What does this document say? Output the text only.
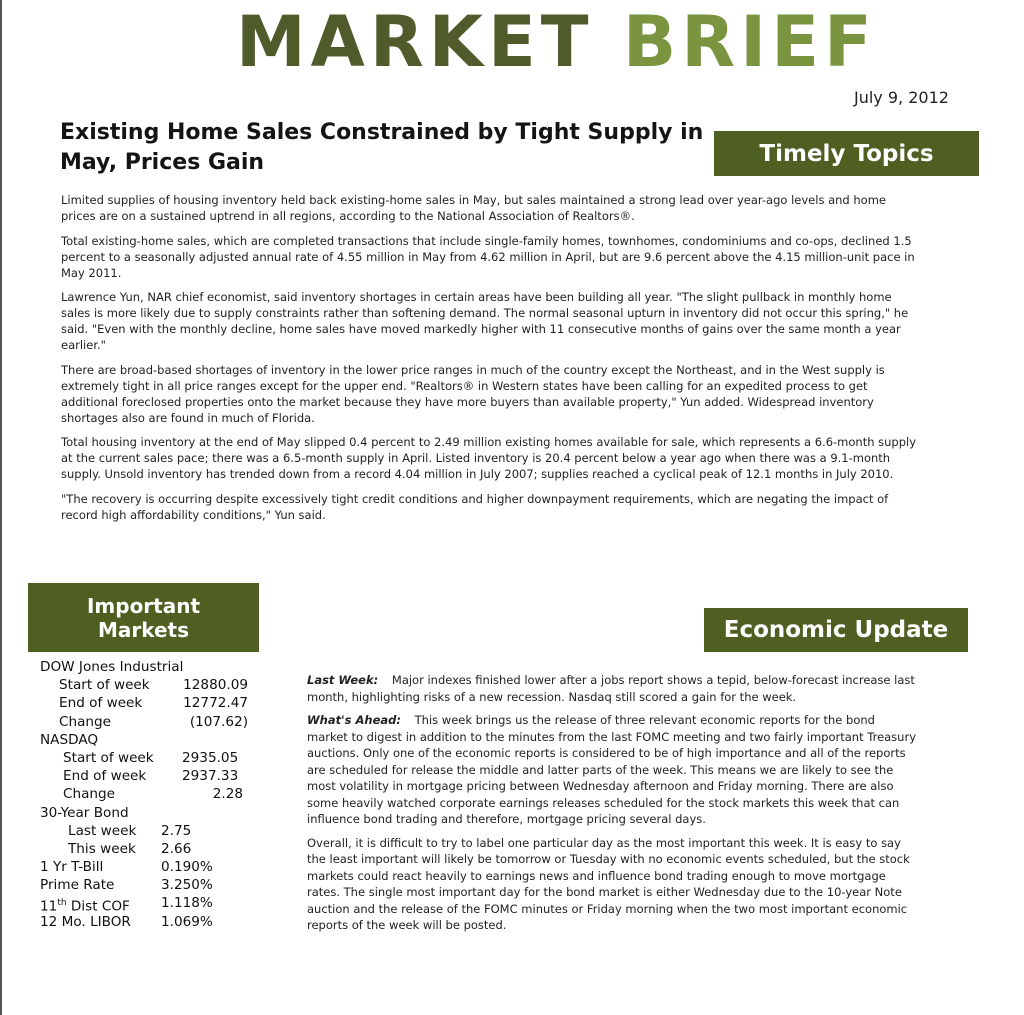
MARKET BRIEF
July 9, 2012
Existing Home Sales Constrained by Tight Supply in May, Prices Gain	Timely Topics

Limited supplies of housing inventory held back existing-home sales in May, but sales maintained a strong lead over year-ago levels and home prices are on a sustained uptrend in all regions, according to the National Association of Realtors®.

Total existing-home sales, which are completed transactions that include single-family homes, townhomes, condominiums and co-ops, declined 1.5 percent to a seasonally adjusted annual rate of 4.55 million in May from 4.62 million in April, but are 9.6 percent above the 4.15 million-unit pace in May 2011.

Lawrence Yun, NAR chief economist, said inventory shortages in certain areas have been building all year. "The slight pullback in monthly home sales is more likely due to supply constraints rather than softening demand. The normal seasonal upturn in inventory did not occur this spring," he said. "Even with the monthly decline, home sales have moved markedly higher with 11 consecutive months of gains over the same month a year earlier."

There are broad-based shortages of inventory in the lower price ranges in much of the country except the Northeast, and in the West supply is extremely tight in all price ranges except for the upper end. "Realtors® in Western states have been calling for an expedited process to get additional foreclosed properties onto the market because they have more buyers than available property," Yun added. Widespread inventory shortages also are found in much of Florida.

Total housing inventory at the end of May slipped 0.4 percent to 2.49 million existing homes available for sale, which represents a 6.6-month supply at the current sales pace; there was a 6.5-month supply in April. Listed inventory is 20.4 percent below a year ago when there was a 9.1-month supply. Unsold inventory has trended down from a record 4.04 million in July 2007; supplies reached a cyclical peak of 12.1 months in July 2010.

"The recovery is occurring despite excessively tight credit conditions and higher downpayment requirements, which are negating the impact of record high affordability conditions," Yun said.

Important
Markets
DOW Jones Industrial
Start of week	12880.09
End of week	12772.47
Change	(107.62)
NASDAQ
Start of week	2935.05
End of week	2937.33
Change	2.28
30-Year Bond
Last week	2.75
This week	2.66
1 Yr T-Bill	0.190%
Prime Rate	3.250%
11th Dist COF	1.118%
12 Mo. LIBOR	1.069%
Economic Update

Last Week: Major indexes finished lower after a jobs report shows a tepid, below-forecast increase last month, highlighting risks of a new recession. Nasdaq still scored a gain for the week.

What's Ahead: This week brings us the release of three relevant economic reports for the bond market to digest in addition to the minutes from the last FOMC meeting and two fairly important Treasury auctions. Only one of the economic reports is considered to be of high importance and all of the reports are scheduled for release the middle and latter parts of the week. This means we are likely to see the most volatility in mortgage pricing between Wednesday afternoon and Friday morning. There are also some heavily watched corporate earnings releases scheduled for the stock markets this week that can influence bond trading and therefore, mortgage pricing several days.

Overall, it is difficult to try to label one particular day as the most important this week. It is easy to say the least important will likely be tomorrow or Tuesday with no economic events scheduled, but the stock markets could react heavily to earnings news and influence bond trading enough to move mortgage rates. The single most important day for the bond market is either Wednesday due to the 10-year Note auction and the release of the FOMC minutes or Friday morning when the two most important economic reports of the week will be posted.
